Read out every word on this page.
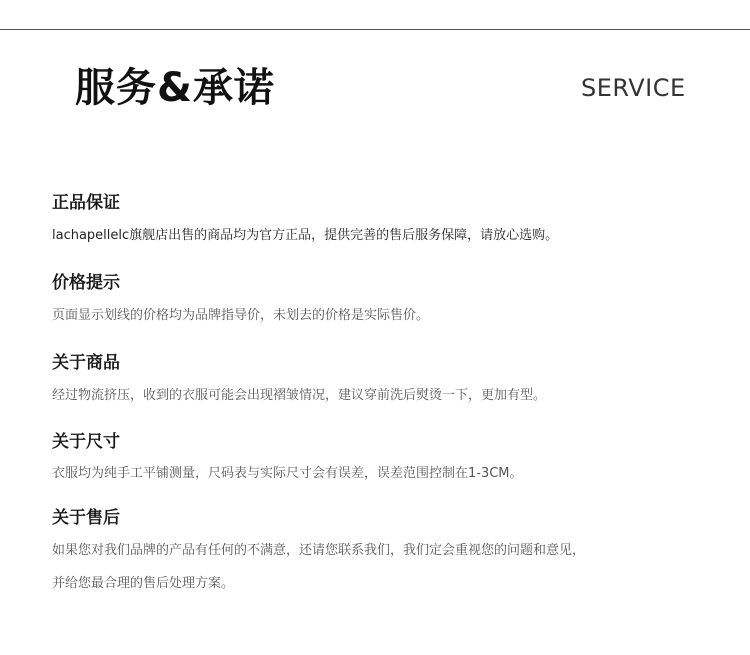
服务&承诺	SERVICE
正品保证

lachapellelc旗舰店出售的商品均为官方正品，提供完善的售后服务保障，请放心选购。

价格提示

页面显示划线的价格均为品牌指导价，未划去的价格是实际售价。

关于商品

经过物流挤压，收到的衣服可能会出现褶皱情况，建议穿前洗后熨烫一下，更加有型。

关于尺寸

衣服均为纯手工平铺测量，尺码表与实际尺寸会有误差，误差范围控制在1-3CM。

关于售后

如果您对我们品牌的产品有任何的不满意，还请您联系我们，我们定会重视您的问题和意见，

并给您最合理的售后处理方案。
